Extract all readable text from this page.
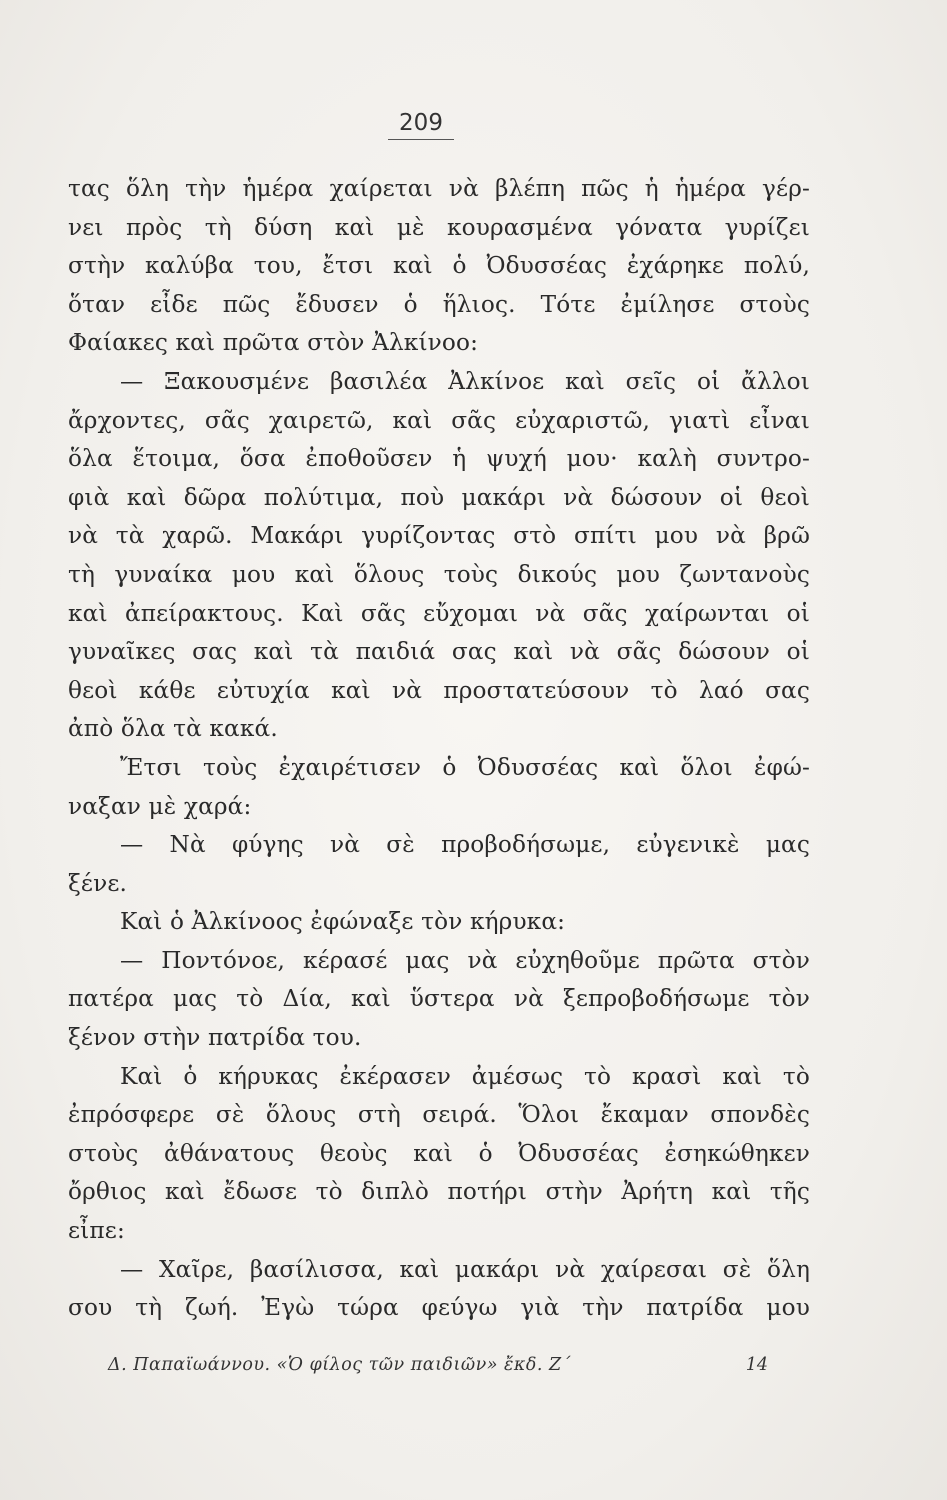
209
τας ὅλη τὴν ἡμέρα χαίρεται νὰ βλέπη πῶς ἡ ἡμέρα γέρ-
νει πρὸς τὴ δύση καὶ μὲ κουρασμένα γόνατα γυρίζει
στὴν καλύβα του, ἔτσι καὶ ὁ Ὀδυσσέας ἐχάρηκε πολύ,
ὅταν εἶδε πῶς ἔδυσεν ὁ ἥλιος. Τότε ἐμίλησε στοὺς
Φαίακες καὶ πρῶτα στὸν Ἀλκίνοο:
— Ξακουσμένε βασιλέα Ἀλκίνοε καὶ σεῖς οἱ ἄλλοι
ἄρχοντες, σᾶς χαιρετῶ, καὶ σᾶς εὐχαριστῶ, γιατὶ εἶναι
ὅλα ἕτοιμα, ὅσα ἐποθοῦσεν ἡ ψυχή μου· καλὴ συντρο-
φιὰ καὶ δῶρα πολύτιμα, ποὺ μακάρι νὰ δώσουν οἱ θεοὶ
νὰ τὰ χαρῶ. Μακάρι γυρίζοντας στὸ σπίτι μου νὰ βρῶ
τὴ γυναίκα μου καὶ ὅλους τοὺς δικούς μου ζωντανοὺς
καὶ ἀπείρακτους. Καὶ σᾶς εὔχομαι νὰ σᾶς χαίρωνται οἱ
γυναῖκες σας καὶ τὰ παιδιά σας καὶ νὰ σᾶς δώσουν οἱ
θεοὶ κάθε εὐτυχία καὶ νὰ προστατεύσουν τὸ λαό σας
ἀπὸ ὅλα τὰ κακά.
Ἔτσι τοὺς ἐχαιρέτισεν ὁ Ὀδυσσέας καὶ ὅλοι ἐφώ-
ναξαν μὲ χαρά:
— Νὰ φύγης νὰ σὲ προβοδήσωμε, εὐγενικὲ μας
ξένε.
Καὶ ὁ Ἀλκίνοος ἐφώναξε τὸν κήρυκα:
— Ποντόνοε, κέρασέ μας νὰ εὐχηθοῦμε πρῶτα στὸν
πατέρα μας τὸ Δία, καὶ ὕστερα νὰ ξεπροβοδήσωμε τὸν
ξένον στὴν πατρίδα του.
Καὶ ὁ κήρυκας ἐκέρασεν ἀμέσως τὸ κρασὶ καὶ τὸ
ἐπρόσφερε σὲ ὅλους στὴ σειρά. Ὅλοι ἔκαμαν σπονδὲς
στοὺς ἀθάνατους θεοὺς καὶ ὁ Ὀδυσσέας ἐσηκώθηκεν
ὄρθιος καὶ ἔδωσε τὸ διπλὸ ποτήρι στὴν Ἀρήτη καὶ τῆς
εἶπε:
— Χαῖρε, βασίλισσα, καὶ μακάρι νὰ χαίρεσαι σὲ ὅλη
σου τὴ ζωή. Ἐγὼ τώρα φεύγω γιὰ τὴν πατρίδα μου
Δ. Παπαϊωάννου. «Ὁ φίλος τῶν παιδιῶν» ἔκδ. Ζ΄	14
